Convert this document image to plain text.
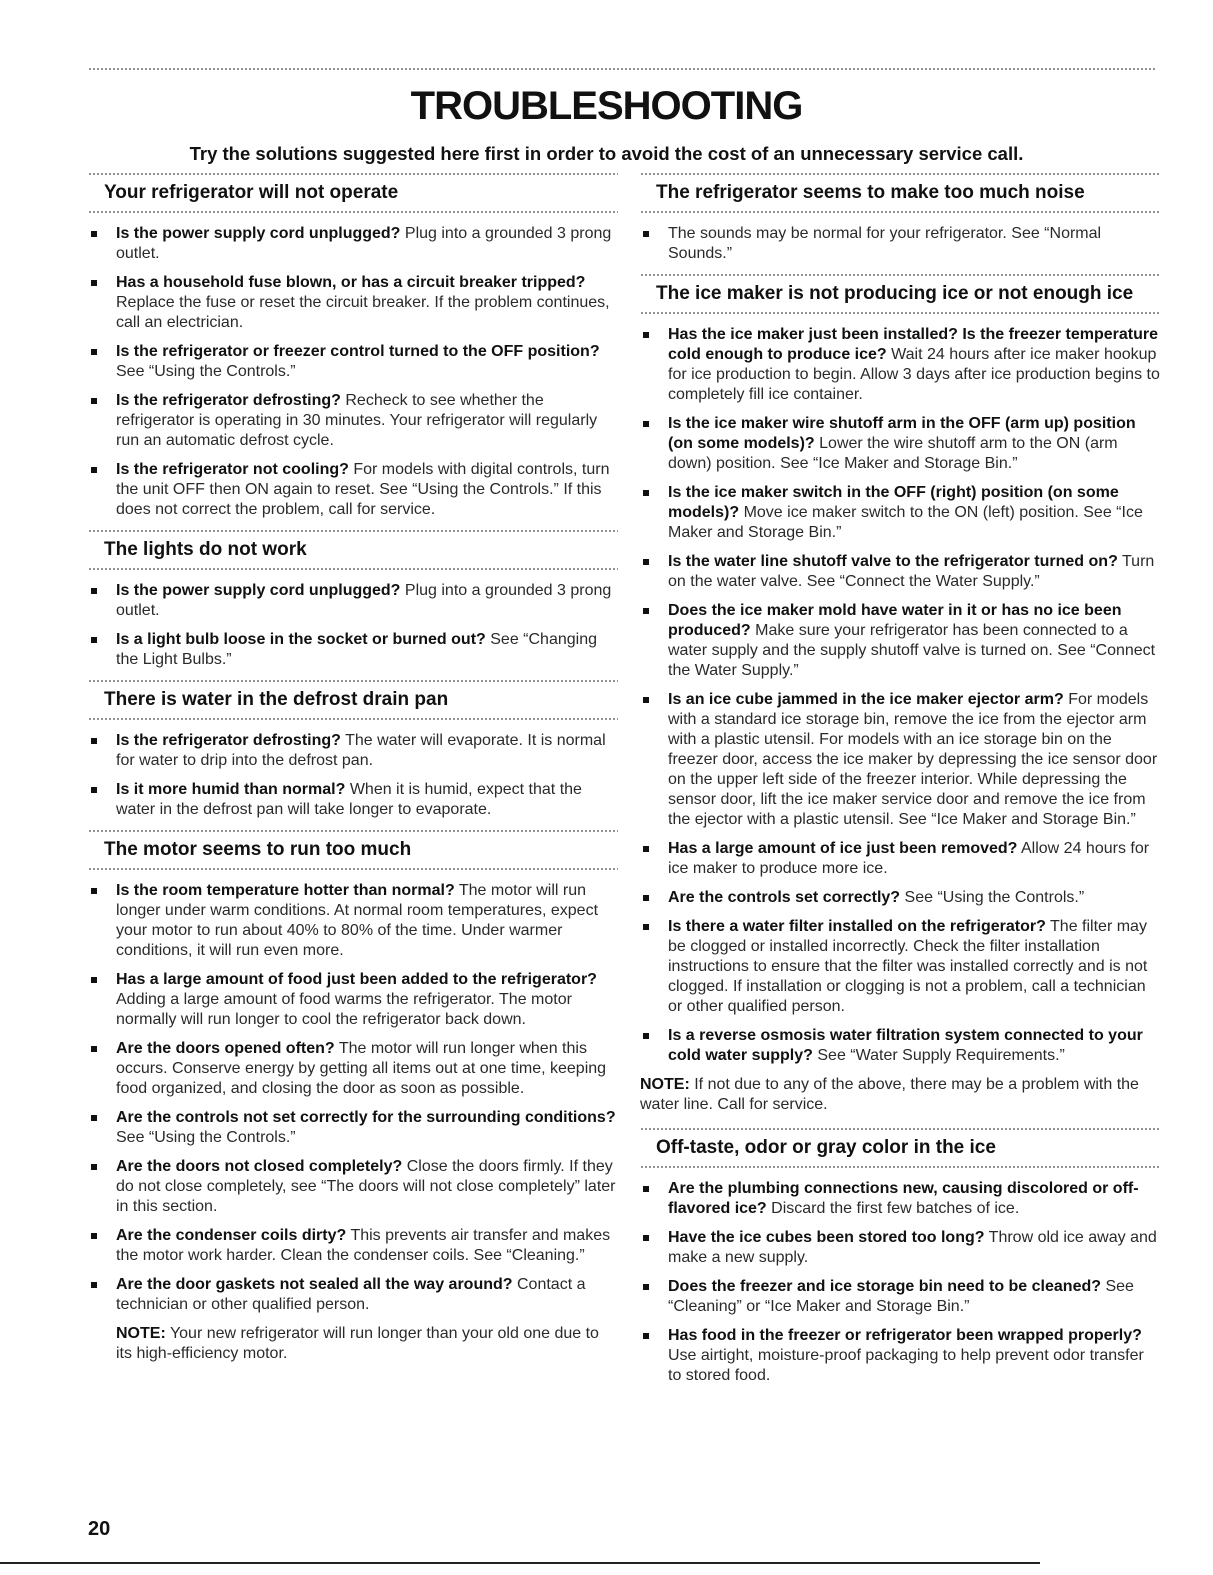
TROUBLESHOOTING

Try the solutions suggested here first in order to avoid the cost of an unnecessary service call.

Your refrigerator will not operate
Is the power supply cord unplugged? Plug into a grounded 3 prong outlet.
Has a household fuse blown, or has a circuit breaker tripped? Replace the fuse or reset the circuit breaker. If the problem continues, call an electrician.
Is the refrigerator or freezer control turned to the OFF position? See “Using the Controls.”
Is the refrigerator defrosting? Recheck to see whether the refrigerator is operating in 30 minutes. Your refrigerator will regularly run an automatic defrost cycle.
Is the refrigerator not cooling? For models with digital controls, turn the unit OFF then ON again to reset. See “Using the Controls.” If this does not correct the problem, call for service.
The lights do not work
Is the power supply cord unplugged? Plug into a grounded 3 prong outlet.
Is a light bulb loose in the socket or burned out? See “Changing the Light Bulbs.”
There is water in the defrost drain pan
Is the refrigerator defrosting? The water will evaporate. It is normal for water to drip into the defrost pan.
Is it more humid than normal? When it is humid, expect that the water in the defrost pan will take longer to evaporate.
The motor seems to run too much
Is the room temperature hotter than normal? The motor will run longer under warm conditions. At normal room temperatures, expect your motor to run about 40% to 80% of the time. Under warmer conditions, it will run even more.
Has a large amount of food just been added to the refrigerator? Adding a large amount of food warms the refrigerator. The motor normally will run longer to cool the refrigerator back down.
Are the doors opened often? The motor will run longer when this occurs. Conserve energy by getting all items out at one time, keeping food organized, and closing the door as soon as possible.
Are the controls not set correctly for the surrounding conditions? See “Using the Controls.”
Are the doors not closed completely? Close the doors firmly. If they do not close completely, see “The doors will not close completely” later in this section.
Are the condenser coils dirty? This prevents air transfer and makes the motor work harder. Clean the condenser coils. See “Cleaning.”
Are the door gaskets not sealed all the way around? Contact a technician or other qualified person.

NOTE: Your new refrigerator will run longer than your old one due to its high-efficiency motor.

The refrigerator seems to make too much noise
The sounds may be normal for your refrigerator. See “Normal Sounds.”
The ice maker is not producing ice or not enough ice
Has the ice maker just been installed? Is the freezer temperature cold enough to produce ice? Wait 24 hours after ice maker hookup for ice production to begin. Allow 3 days after ice production begins to completely fill ice container.
Is the ice maker wire shutoff arm in the OFF (arm up) position (on some models)? Lower the wire shutoff arm to the ON (arm down) position. See “Ice Maker and Storage Bin.”
Is the ice maker switch in the OFF (right) position (on some models)? Move ice maker switch to the ON (left) position. See “Ice Maker and Storage Bin.”
Is the water line shutoff valve to the refrigerator turned on? Turn on the water valve. See “Connect the Water Supply.”
Does the ice maker mold have water in it or has no ice been produced? Make sure your refrigerator has been connected to a water supply and the supply shutoff valve is turned on. See “Connect the Water Supply.”
Is an ice cube jammed in the ice maker ejector arm? For models with a standard ice storage bin, remove the ice from the ejector arm with a plastic utensil. For models with an ice storage bin on the freezer door, access the ice maker by depressing the ice sensor door on the upper left side of the freezer interior. While depressing the sensor door, lift the ice maker service door and remove the ice from the ejector with a plastic utensil. See “Ice Maker and Storage Bin.”
Has a large amount of ice just been removed? Allow 24 hours for ice maker to produce more ice.
Are the controls set correctly? See “Using the Controls.”
Is there a water filter installed on the refrigerator? The filter may be clogged or installed incorrectly. Check the filter installation instructions to ensure that the filter was installed correctly and is not clogged. If installation or clogging is not a problem, call a technician or other qualified person.
Is a reverse osmosis water filtration system connected to your cold water supply? See “Water Supply Requirements.”

NOTE: If not due to any of the above, there may be a problem with the water line. Call for service.

Off-taste, odor or gray color in the ice
Are the plumbing connections new, causing discolored or off-flavored ice? Discard the first few batches of ice.
Have the ice cubes been stored too long? Throw old ice away and make a new supply.
Does the freezer and ice storage bin need to be cleaned? See “Cleaning” or “Ice Maker and Storage Bin.”
Has food in the freezer or refrigerator been wrapped properly? Use airtight, moisture-proof packaging to help prevent odor transfer to stored food.
20
